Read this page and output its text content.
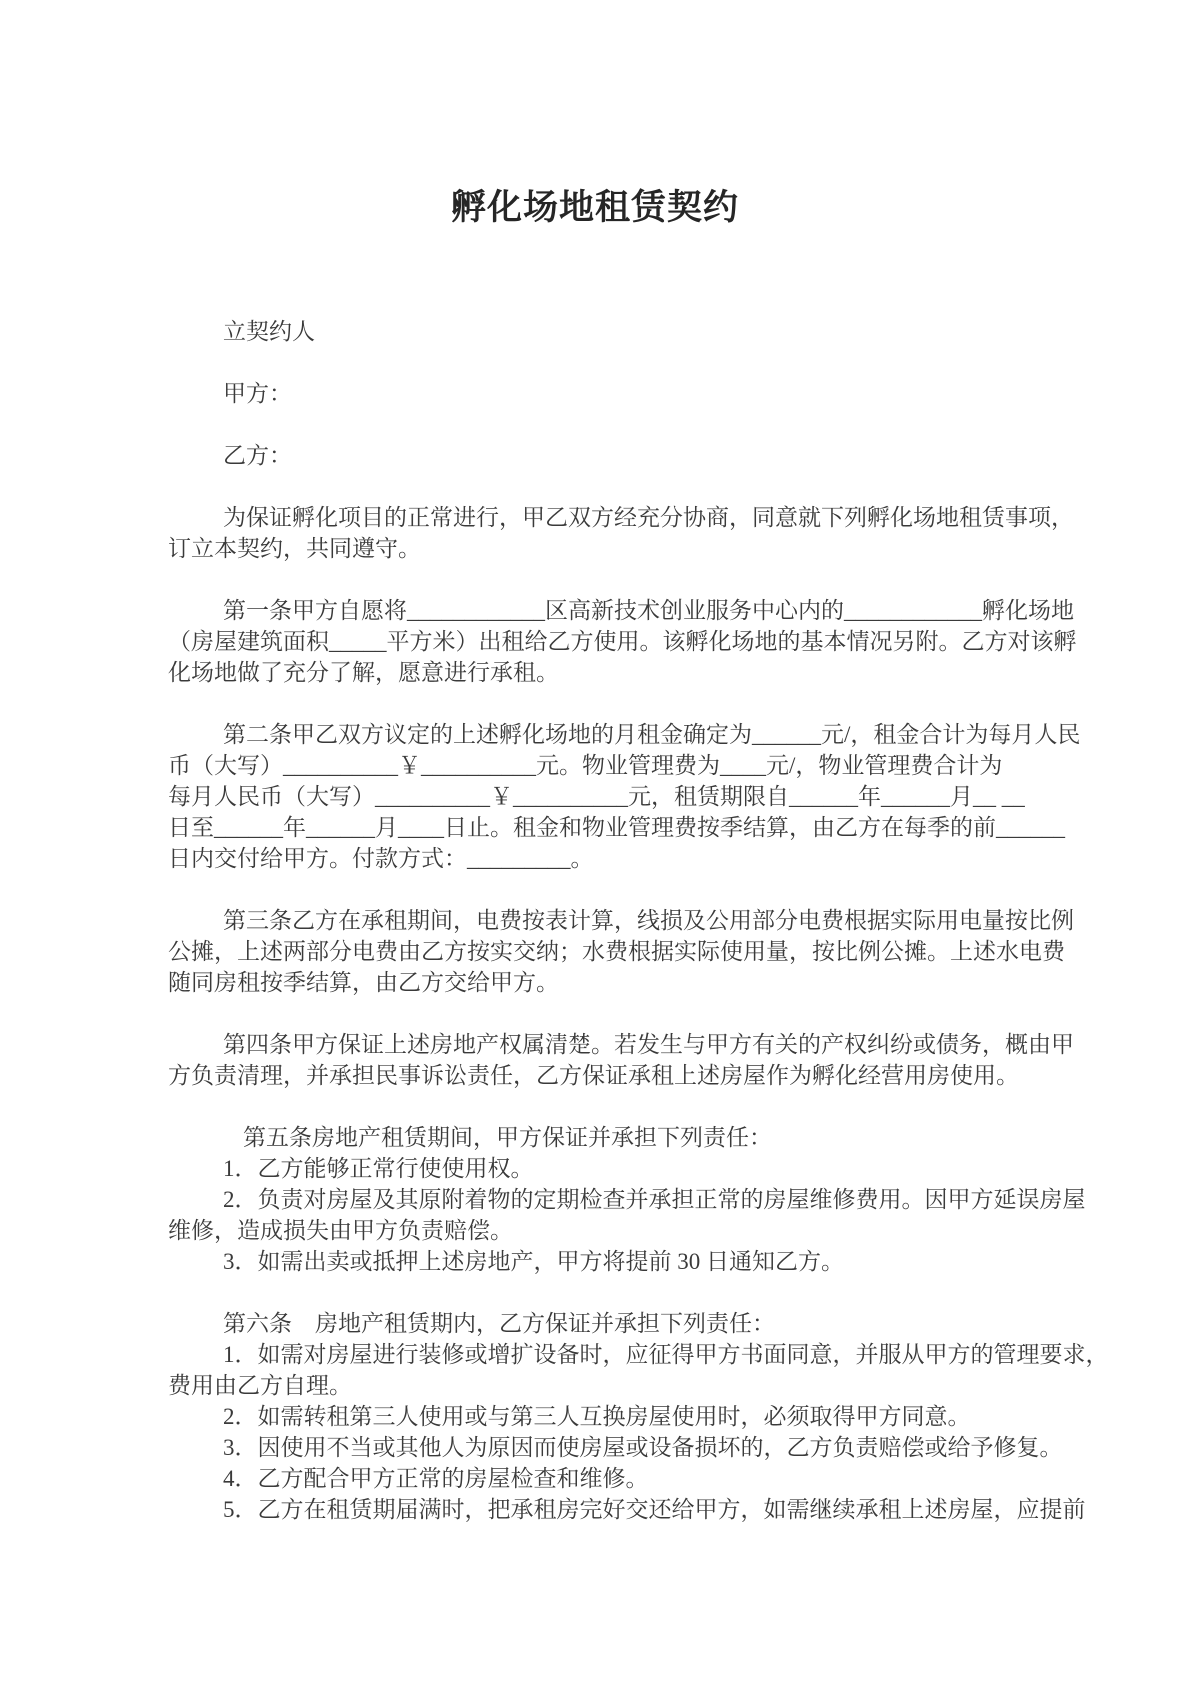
孵化场地租赁契约
立契约人
甲方：
乙方：
为保证孵化项目的正常进行，甲乙双方经充分协商，同意就下列孵化场地租赁事项，
订立本契约，共同遵守。
第一条甲方自愿将____________区高新技术创业服务中心内的____________孵化场地
（房屋建筑面积_____平方米）出租给乙方使用。该孵化场地的基本情况另附。乙方对该孵
化场地做了充分了解，愿意进行承租。
第二条甲乙双方议定的上述孵化场地的月租金确定为______元/，租金合计为每月人民
币（大写）__________￥__________元。物业管理费为____元/，物业管理费合计为
每月人民币（大写）__________￥__________元，租赁期限自______年______月__ __
日至______年______月____日止。租金和物业管理费按季结算，由乙方在每季的前______
日内交付给甲方。付款方式：_________。
第三条乙方在承租期间，电费按表计算，线损及公用部分电费根据实际用电量按比例
公摊，上述两部分电费由乙方按实交纳；水费根据实际使用量，按比例公摊。上述水电费
随同房租按季结算，由乙方交给甲方。
第四条甲方保证上述房地产权属清楚。若发生与甲方有关的产权纠纷或债务，概由甲
方负责清理，并承担民事诉讼责任，乙方保证承租上述房屋作为孵化经营用房使用。
第五条房地产租赁期间，甲方保证并承担下列责任：
1．乙方能够正常行使使用权。
2．负责对房屋及其原附着物的定期检查并承担正常的房屋维修费用。因甲方延误房屋
维修，造成损失由甲方负责赔偿。
3．如需出卖或抵押上述房地产，甲方将提前 30 日通知乙方。
第六条　房地产租赁期内，乙方保证并承担下列责任：
1．如需对房屋进行装修或增扩设备时，应征得甲方书面同意，并服从甲方的管理要求，
费用由乙方自理。
2．如需转租第三人使用或与第三人互换房屋使用时，必须取得甲方同意。
3．因使用不当或其他人为原因而使房屋或设备损坏的，乙方负责赔偿或给予修复。
4．乙方配合甲方正常的房屋检查和维修。
5．乙方在租赁期届满时，把承租房完好交还给甲方，如需继续承租上述房屋，应提前
